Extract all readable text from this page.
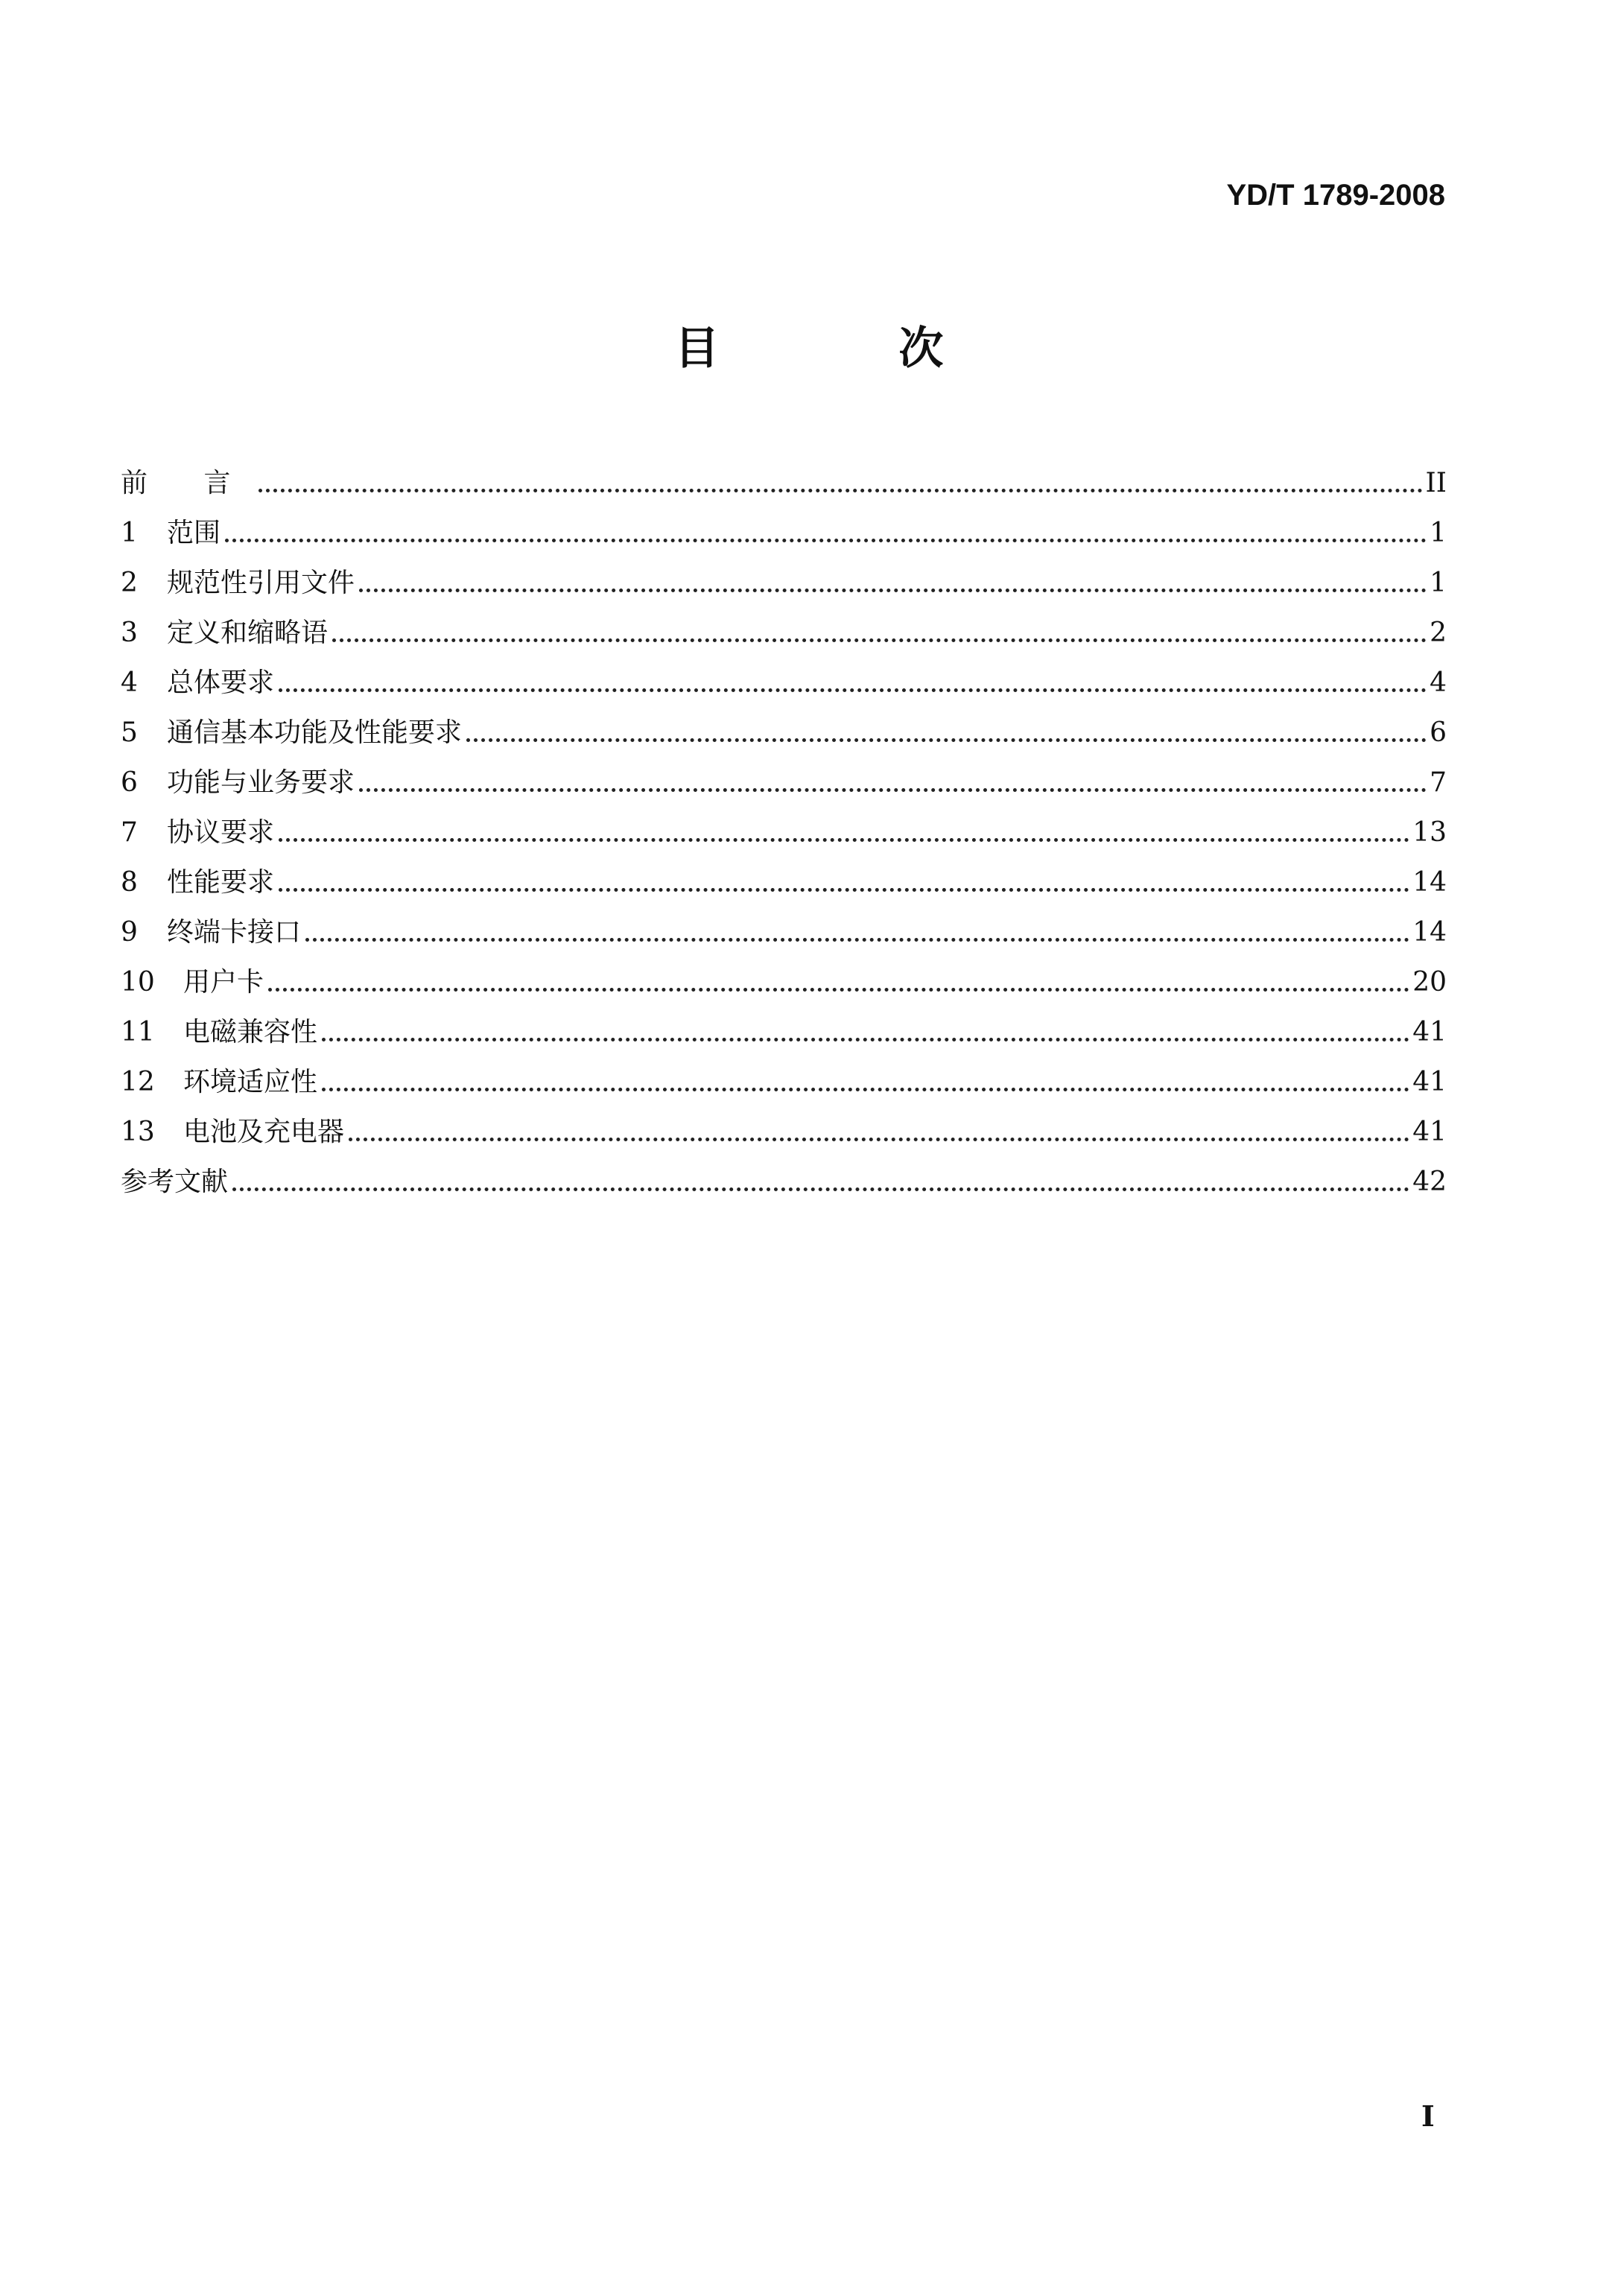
YD/T 1789-2008
目 次
前 言	II
1	范围	1
2	规范性引用文件	1
3	定义和缩略语	2
4	总体要求	4
5	通信基本功能及性能要求	6
6	功能与业务要求	7
7	协议要求	13
8	性能要求	14
9	终端卡接口	14
10	用户卡	20
11	电磁兼容性	41
12	环境适应性	41
13	电池及充电器	41
参考文献	42
I
